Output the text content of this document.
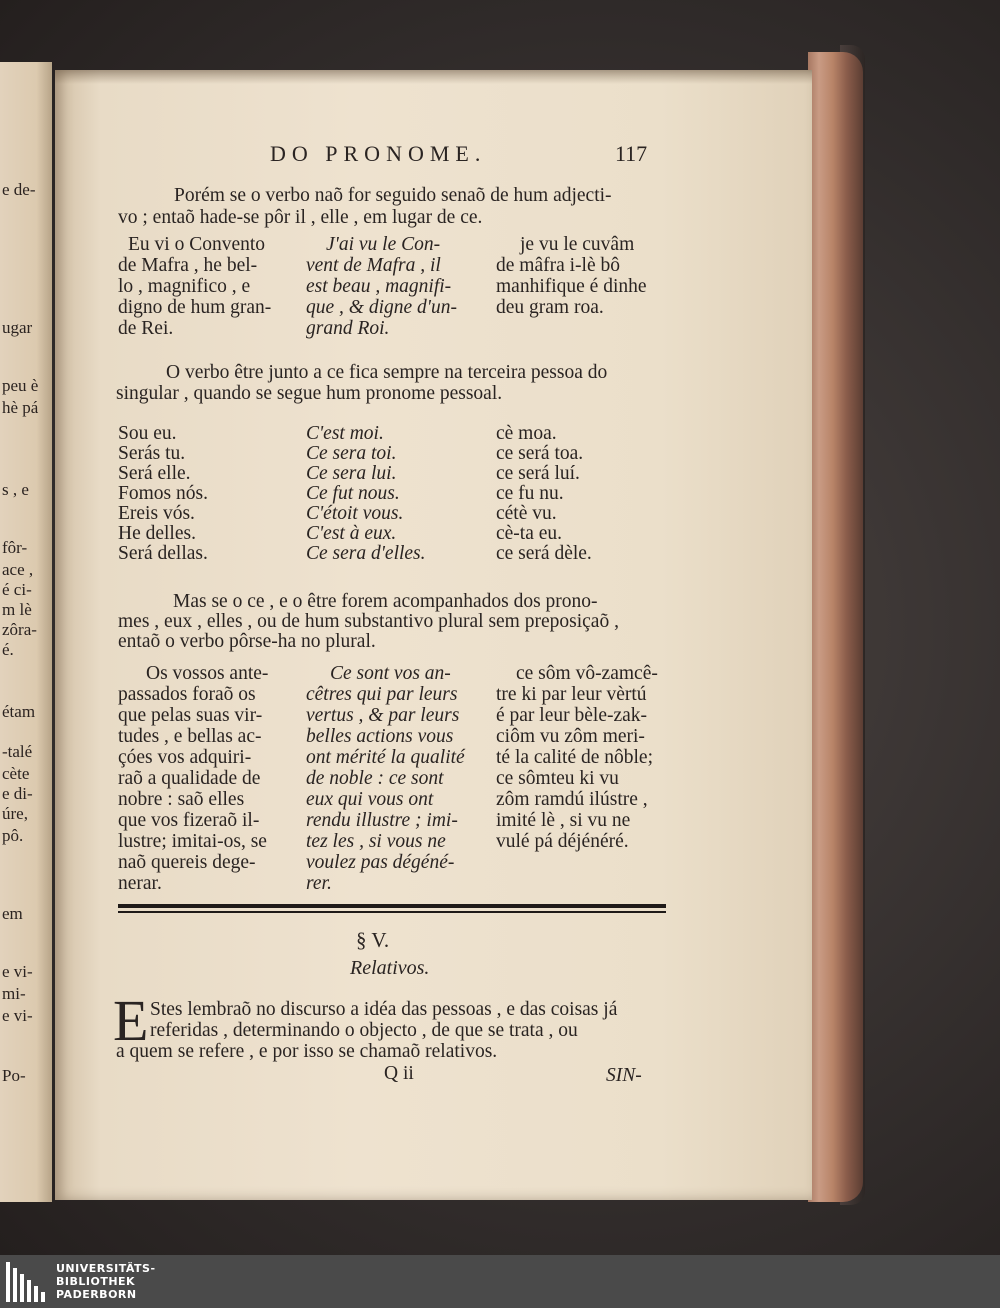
e de-
ugar
peu è
hè pá
s , e
fôr-
ace ,
é ci-
m lè
zôra-
é.
étam
-talé
cète
e di-
úre,
pô.
em
e vi-
mi-
e vi-
Po-
DO PRONOME.	117
Porém se o verbo naõ for seguido senaõ de hum adjecti-
vo ; entaõ hade-se pôr il , elle , em lugar de ce.
Eu vi o Convento
de Mafra , he bel-
lo , magnifico , e
digno de hum gran-
de Rei.
J'ai vu le Con-
vent de Mafra , il
est beau , magnifi-
que , & digne d'un-
grand Roi.
je vu le cuvâm
de mâfra i-lè bô
manhifique é dinhe
deu gram roa.
O verbo être junto a ce fica sempre na terceira pessoa do
singular , quando se segue hum pronome pessoal.
Sou eu.
Serás tu.
Será elle.
Fomos nós.
Ereis vós.
He delles.
Será dellas.
C'est moi.
Ce sera toi.
Ce sera lui.
Ce fut nous.
C'étoit vous.
C'est à eux.
Ce sera d'elles.
cè moa.
ce será toa.
ce será luí.
ce fu nu.
cétè vu.
cè-ta eu.
ce será dèle.
Mas se o ce , e o être forem acompanhados dos prono-
mes , eux , elles , ou de hum substantivo plural sem preposiçaõ ,
entaõ o verbo pôrse-ha no plural.
Os vossos ante-
passados foraõ os
que pelas suas vir-
tudes , e bellas ac-
çóes vos adquiri-
raõ a qualidade de
nobre : saõ elles
que vos fizeraõ il-
lustre; imitai-os, se
naõ quereis dege-
nerar.
Ce sont vos an-
cêtres qui par leurs
vertus , & par leurs
belles actions vous
ont mérité la qualité
de noble : ce sont
eux qui vous ont
rendu illustre ; imi-
tez les , si vous ne
voulez pas dégéné-
rer.
ce sôm vô-zamcê-
tre ki par leur vèrtú
é par leur bèle-zak-
ciôm vu zôm meri-
té la calité de nôble;
ce sômteu ki vu
zôm ramdú ilústre ,
imité lè , si vu ne
vulé pá déjénéré.
§ V.
Relativos.
E Stes lembraõ no discurso a idéa das pessoas , e das coisas já
referidas , determinando o objecto , de que se trata , ou
a quem se refere , e por isso se chamaõ relativos.
Q ii	SIN-
UNIVERSITÄTS-
BIBLIOTHEK
PADERBORN
